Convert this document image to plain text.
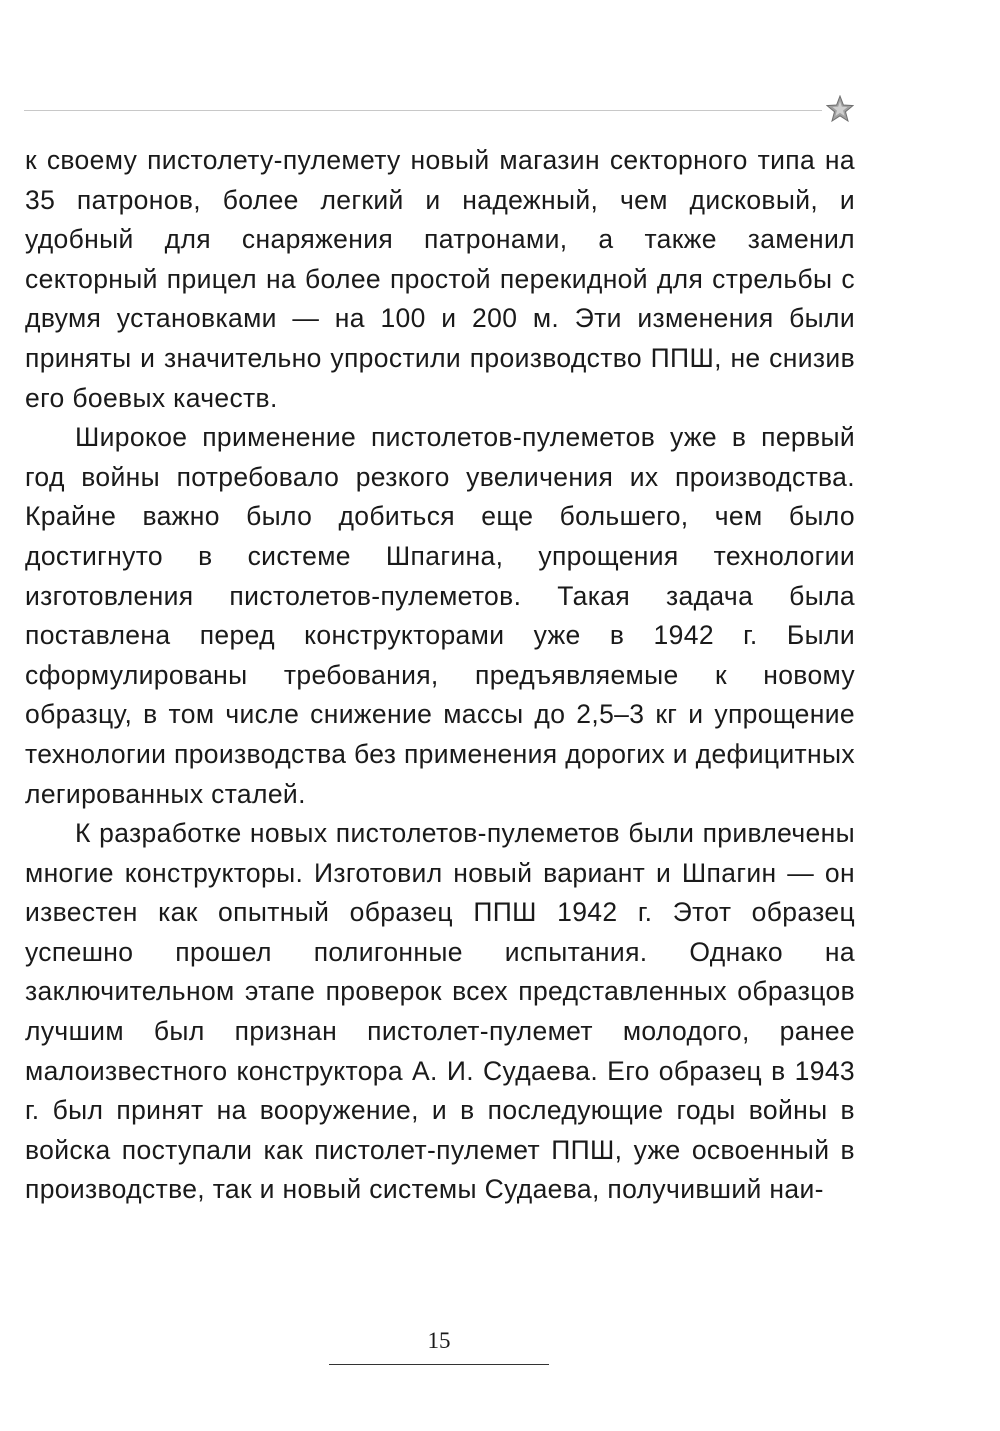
к своему пистолету-пулемету новый магазин секторного типа на 35 патронов, более легкий и надежный, чем дисковый, и удобный для снаряжения патронами, а также заменил секторный прицел на более простой перекидной для стрельбы с двумя установками — на 100 и 200 м. Эти изменения были приняты и значительно упростили производство ППШ, не снизив его боевых качеств.

Широкое применение пистолетов-пулеметов уже в первый год войны потребовало резкого увеличения их производства. Крайне важно было добиться еще большего, чем было достигнуто в системе Шпагина, упрощения технологии изготовления пистолетов-пулеметов. Такая задача была поставлена перед конструкторами уже в 1942 г. Были сформулированы требования, предъявляемые к новому образцу, в том числе снижение массы до 2,5–3 кг и упрощение технологии производства без применения дорогих и дефицитных легированных сталей.

К разработке новых пистолетов-пулеметов были привлечены многие конструкторы. Изготовил новый вариант и Шпагин — он известен как опытный образец ППШ 1942 г. Этот образец успешно прошел полигонные испытания. Однако на заключительном этапе проверок всех представленных образцов лучшим был признан пистолет-пулемет молодого, ранее малоизвестного конструктора А. И. Судаева. Его образец в 1943 г. был принят на вооружение, и в последующие годы войны в войска поступали как пистолет-пулемет ППШ, уже освоенный в производстве, так и новый системы Судаева, получивший наи-

15
